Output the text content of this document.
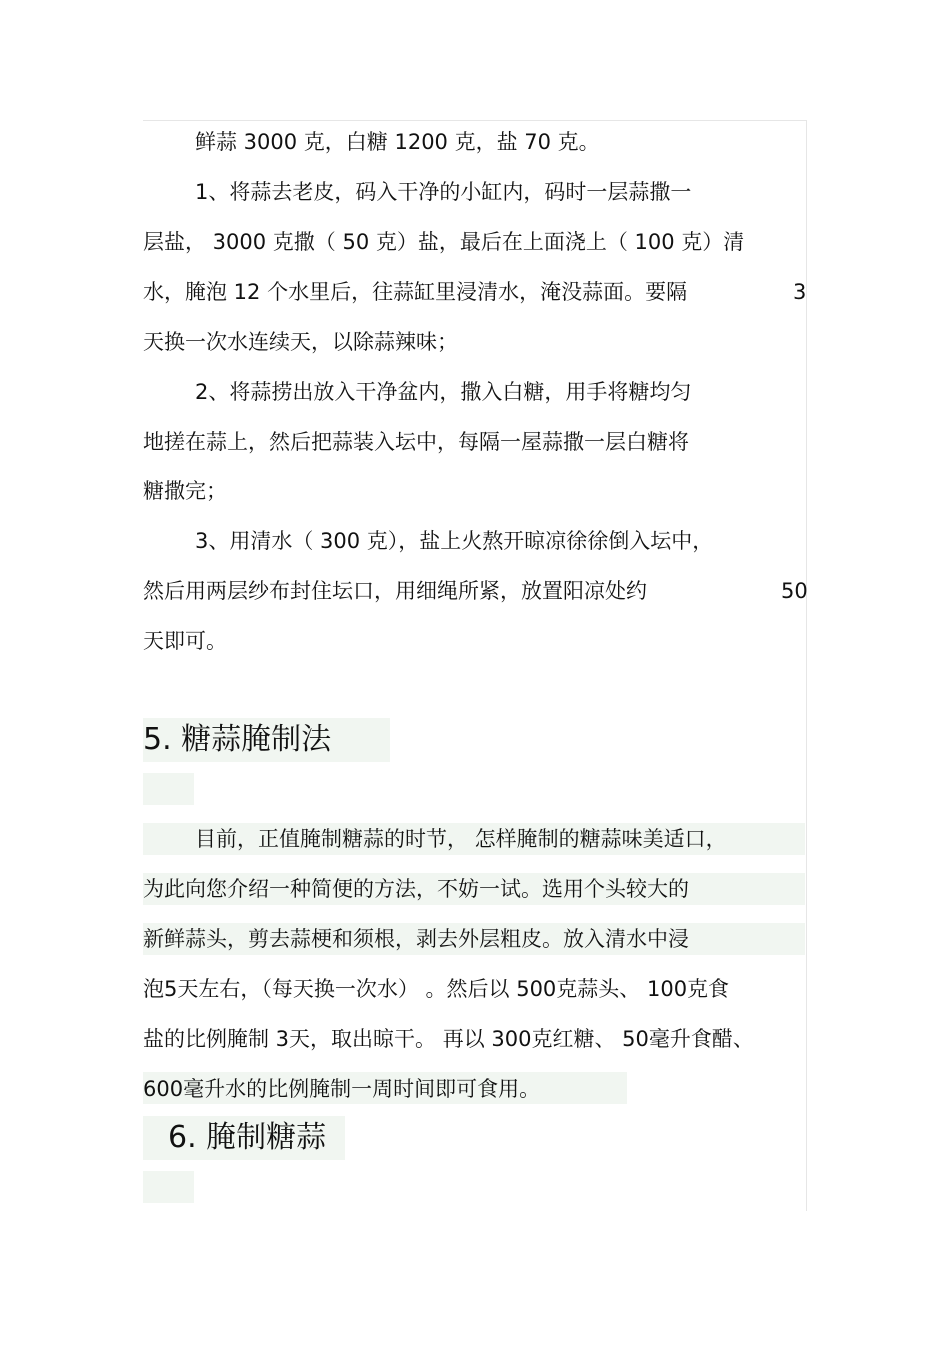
鲜蒜 3000 克，白糖 1200 克，盐 70 克。
1、将蒜去老皮，码入干净的小缸内，码时一层蒜撒一
层盐， 3000 克撒（ 50 克）盐，最后在上面浇上（ 100 克）清
水，腌泡 12 个水里后，往蒜缸里浸清水，淹没蒜面。要隔	3
天换一次水连续天，以除蒜辣味；
2、将蒜捞出放入干净盆内，撒入白糖，用手将糖均匀
地搓在蒜上，然后把蒜装入坛中，每隔一屋蒜撒一层白糖将
糖撒完；
3、用清水（ 300 克），盐上火熬开晾凉徐徐倒入坛中，
然后用两层纱布封住坛口，用细绳所紧，放置阳凉处约	50
天即可。
5. 糖蒜腌制法
目前，正值腌制糖蒜的时节， 怎样腌制的糖蒜味美适口，
为此向您介绍一种简便的方法，不妨一试。选用个头较大的
新鲜蒜头，剪去蒜梗和须根，剥去外层粗皮。放入清水中浸
泡5天左右，（每天换一次水） 。然后以 500克蒜头、 100克食
盐的比例腌制 3天，取出晾干。 再以 300克红糖、 50毫升食醋、
600毫升水的比例腌制一周时间即可食用。
6. 腌制糖蒜
